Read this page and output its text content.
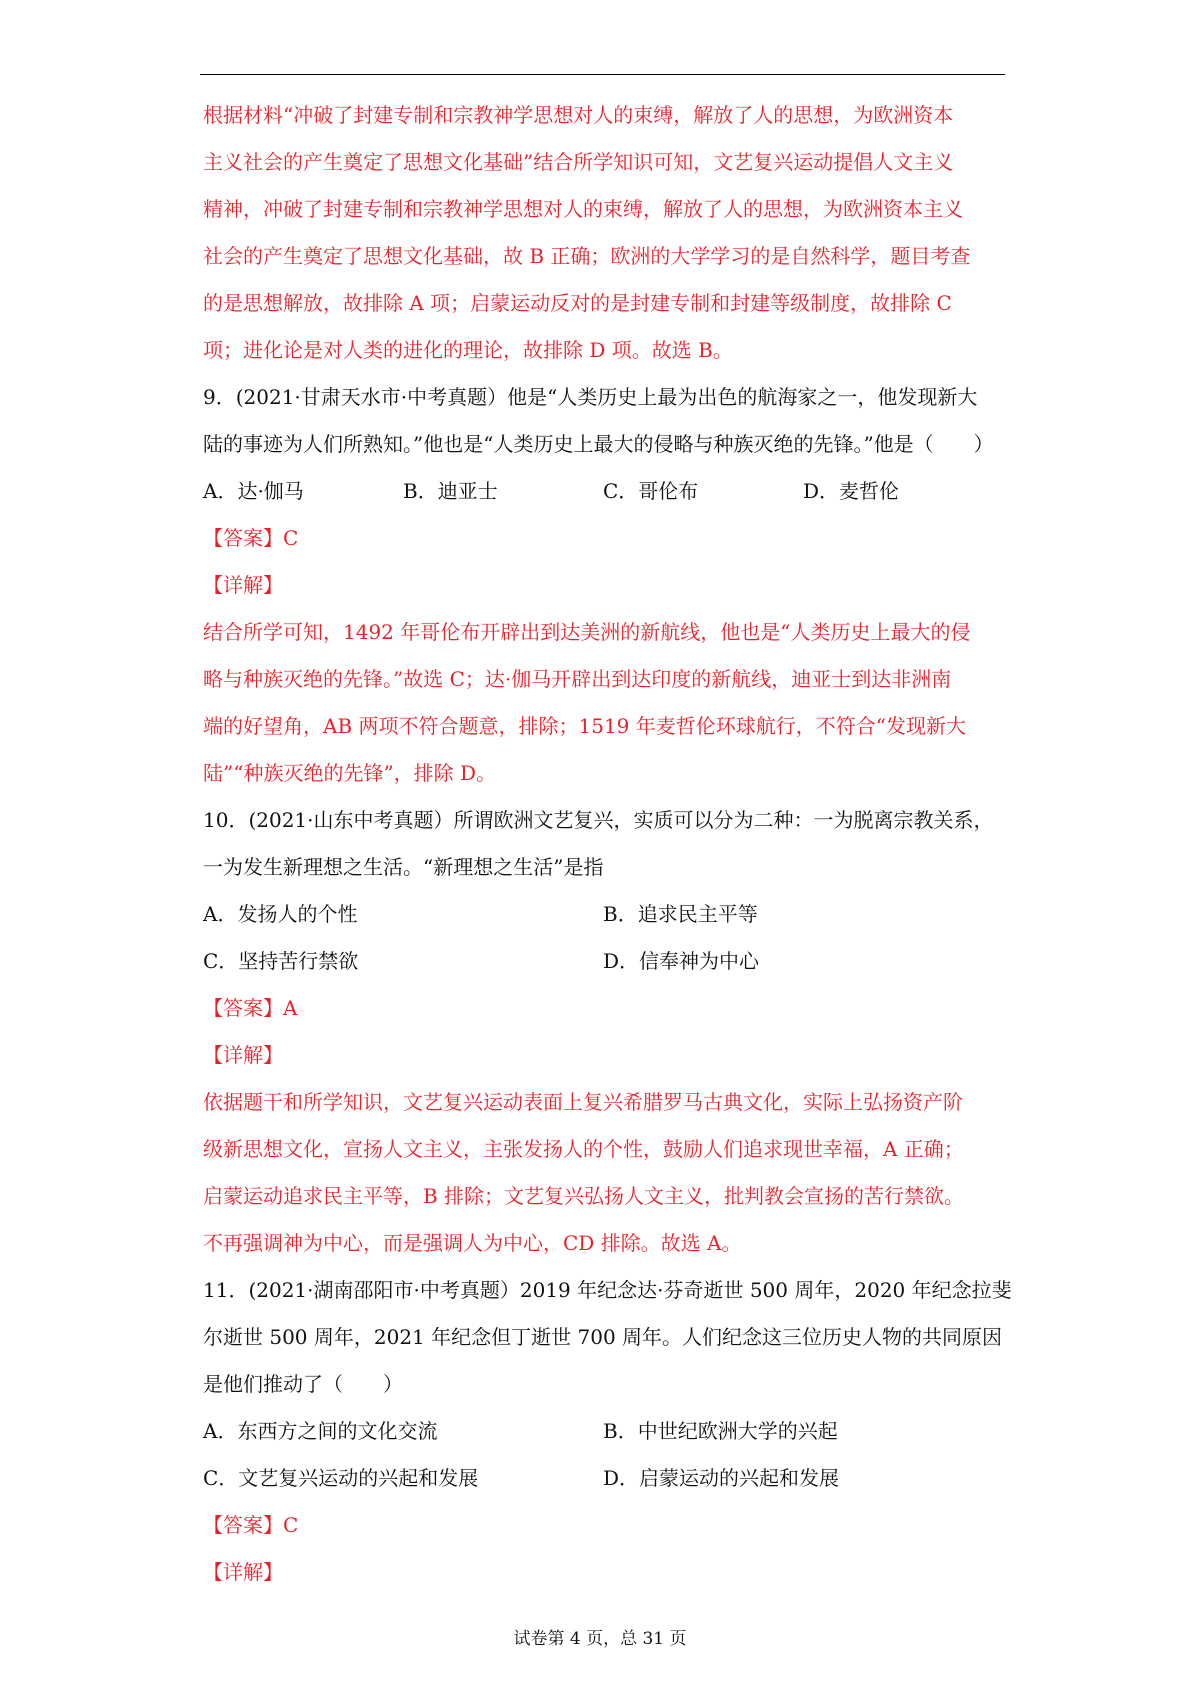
根据材料“冲破了封建专制和宗教神学思想对人的束缚，解放了人的思想，为欧洲资本
主义社会的产生奠定了思想文化基础”结合所学知识可知，文艺复兴运动提倡人文主义
精神，冲破了封建专制和宗教神学思想对人的束缚，解放了人的思想，为欧洲资本主义
社会的产生奠定了思想文化基础，故 B 正确；欧洲的大学学习的是自然科学，题目考查
的是思想解放，故排除 A 项；启蒙运动反对的是封建专制和封建等级制度，故排除 C
项；进化论是对人类的进化的理论，故排除 D 项。故选 B。
9．(2021·甘肃天水市·中考真题）他是“人类历史上最为出色的航海家之一，他发现新大
陆的事迹为人们所熟知。”他也是“人类历史上最大的侵略与种族灭绝的先锋。”他是（　　）
A．达·伽马	B．迪亚士	C．哥伦布	D．麦哲伦
【答案】C
【详解】
结合所学可知，1492 年哥伦布开辟出到达美洲的新航线，他也是“人类历史上最大的侵
略与种族灭绝的先锋。”故选 C；达·伽马开辟出到达印度的新航线，迪亚士到达非洲南
端的好望角，AB 两项不符合题意，排除；1519 年麦哲伦环球航行，不符合“发现新大
陆”“种族灭绝的先锋”，排除 D。
10．(2021·山东中考真题）所谓欧洲文艺复兴，实质可以分为二种：一为脱离宗教关系，
一为发生新理想之生活。“新理想之生活”是指
A．发扬人的个性	B．追求民主平等
C．坚持苦行禁欲	D．信奉神为中心
【答案】A
【详解】
依据题干和所学知识，文艺复兴运动表面上复兴希腊罗马古典文化，实际上弘扬资产阶
级新思想文化，宣扬人文主义，主张发扬人的个性，鼓励人们追求现世幸福，A 正确；
启蒙运动追求民主平等，B 排除；文艺复兴弘扬人文主义，批判教会宣扬的苦行禁欲。
不再强调神为中心，而是强调人为中心，CD 排除。故选 A。
11．(2021·湖南邵阳市·中考真题）2019 年纪念达·芬奇逝世 500 周年，2020 年纪念拉斐
尔逝世 500 周年，2021 年纪念但丁逝世 700 周年。人们纪念这三位历史人物的共同原因
是他们推动了（　　）
A．东西方之间的文化交流	B．中世纪欧洲大学的兴起
C．文艺复兴运动的兴起和发展	D．启蒙运动的兴起和发展
【答案】C
【详解】
试卷第 4 页，总 31 页
